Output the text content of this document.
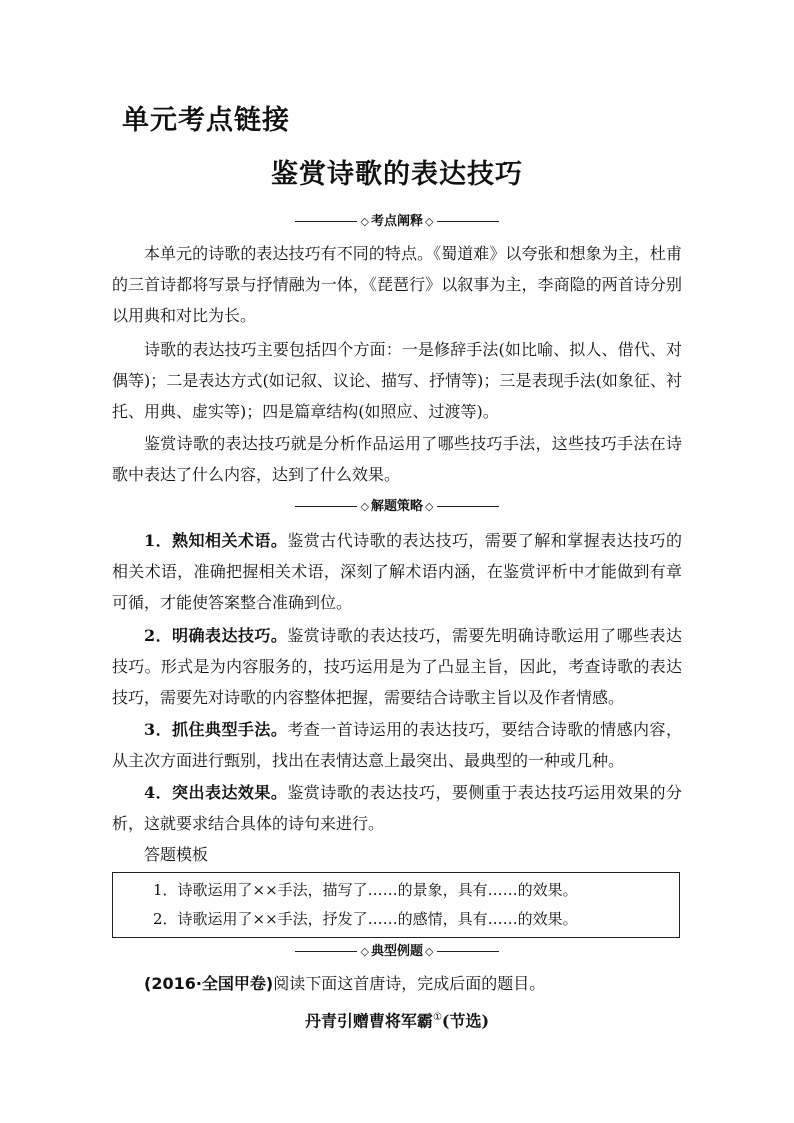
单元考点链接
鉴赏诗歌的表达技巧
◇ 考点阐释 ◇

本单元的诗歌的表达技巧有不同的特点。《蜀道难》以夸张和想象为主，杜甫的三首诗都将写景与抒情融为一体，《琵琶行》以叙事为主，李商隐的两首诗分别以用典和对比为长。

诗歌的表达技巧主要包括四个方面：一是修辞手法(如比喻、拟人、借代、对偶等)；二是表达方式(如记叙、议论、描写、抒情等)；三是表现手法(如象征、衬托、用典、虚实等)；四是篇章结构(如照应、过渡等)。

鉴赏诗歌的表达技巧就是分析作品运用了哪些技巧手法，这些技巧手法在诗歌中表达了什么内容，达到了什么效果。

◇ 解题策略 ◇

1．熟知相关术语。鉴赏古代诗歌的表达技巧，需要了解和掌握表达技巧的相关术语，准确把握相关术语，深刻了解术语内涵，在鉴赏评析中才能做到有章可循，才能使答案整合准确到位。

2．明确表达技巧。鉴赏诗歌的表达技巧，需要先明确诗歌运用了哪些表达技巧。形式是为内容服务的，技巧运用是为了凸显主旨，因此，考查诗歌的表达技巧，需要先对诗歌的内容整体把握，需要结合诗歌主旨以及作者情感。

3．抓住典型手法。考查一首诗运用的表达技巧，要结合诗歌的情感内容，从主次方面进行甄别，找出在表情达意上最突出、最典型的一种或几种。

4．突出表达效果。鉴赏诗歌的表达技巧，要侧重于表达技巧运用效果的分析，这就要求结合具体的诗句来进行。

答题模板
1．诗歌运用了××手法，描写了……的景象，具有……的效果。
2．诗歌运用了××手法，抒发了……的感情，具有……的效果。
◇ 典型例题 ◇
(2016·全国甲卷)阅读下面这首唐诗，完成后面的题目。
丹青引赠曹将军霸①(节选)
